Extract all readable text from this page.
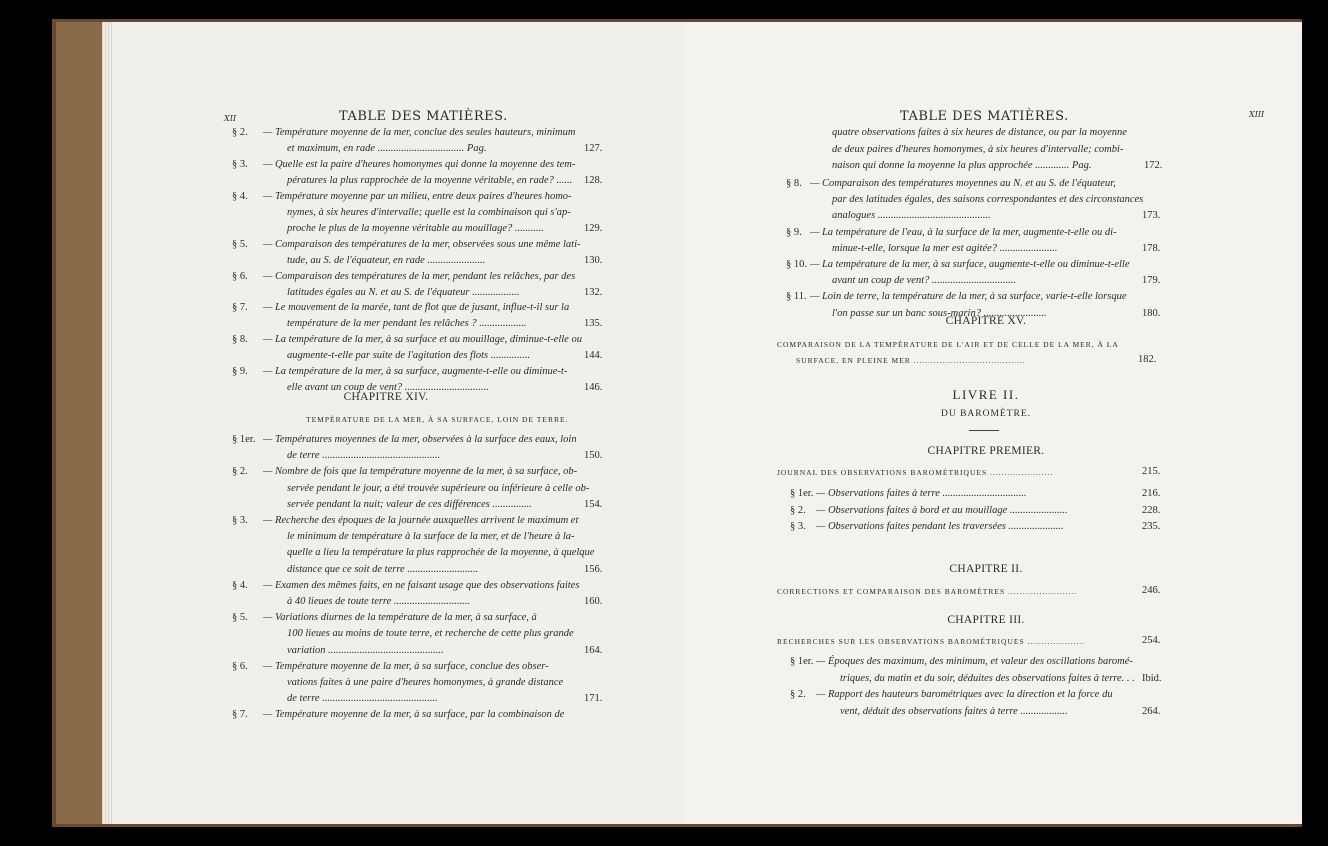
XII	TABLE DES MATIÈRES.
§ 2. — Température moyenne de la mer, conclue des seules hauteurs, minimum
et maximum, en rade ................................. Pag.	127.
§ 3. — Quelle est la paire d'heures homonymes qui donne la moyenne des tem-
pératures la plus rapprochée de la moyenne véritable, en rade? ...... 128.
§ 4. — Température moyenne par un milieu, entre deux paires d'heures homo-
nymes, à six heures d'intervalle; quelle est la combinaison qui s'ap-
proche le plus de la moyenne véritable au mouillage? ...........	129.
§ 5. — Comparaison des températures de la mer, observées sous une même lati-
tude, au S. de l'équateur, en rade ......................	130.
§ 6. — Comparaison des températures de la mer, pendant les relâches, par des
latitudes égales au N. et au S. de l'équateur ..................	132.
§ 7. — Le mouvement de la marée, tant de flot que de jusant, influe-t-il sur la
température de la mer pendant les relâches ? ..................	135.
§ 8. — La température de la mer, à sa surface et au mouillage, diminue-t-elle ou
augmente-t-elle par suite de l'agitation des flots ...............	144.
§ 9. — La température de la mer, à sa surface, augmente-t-elle ou diminue-t-
elle avant un coup de vent? ................................	146.
CHAPITRE XIV.
TEMPÉRATURE DE LA MER, À SA SURFACE, LOIN DE TERRE.
§ 1er. — Températures moyennes de la mer, observées à la surface des eaux, loin
de terre .............................................	150.
§ 2. — Nombre de fois que la température moyenne de la mer, à sa surface, ob-
servée pendant le jour, a été trouvée supérieure ou inférieure à celle ob-
servée pendant la nuit; valeur de ces différences ...............	154.
§ 3. — Recherche des époques de la journée auxquelles arrivent le maximum et
le minimum de température à la surface de la mer, et de l'heure à la-
quelle a lieu la température la plus rapprochée de la moyenne, à quelque
distance que ce soit de terre ...........................	156.
§ 4. — Examen des mêmes faits, en ne faisant usage que des observations faites
à 40 lieues de toute terre .............................	160.
§ 5. — Variations diurnes de la température de la mer, à sa surface, à
100 lieues au moins de toute terre, et recherche de cette plus grande
variation ............................................	164.
§ 6. — Température moyenne de la mer, à sa surface, conclue des obser-
vations faites à une paire d'heures homonymes, à grande distance
de terre ............................................	171.
§ 7. — Température moyenne de la mer, à sa surface, par la combinaison de
TABLE DES MATIÈRES.	XIII
quatre observations faites à six heures de distance, ou par la moyenne
de deux paires d'heures homonymes, à six heures d'intervalle; combi-
naison qui donne la moyenne la plus approchée ............. Pag.	172.
§ 8. — Comparaison des températures moyennes au N. et au S. de l'équateur,
par des latitudes égales, des saisons correspondantes et des circonstances
analogues ...........................................	173.
§ 9. — La température de l'eau, à la surface de la mer, augmente-t-elle ou di-
minue-t-elle, lorsque la mer est agitée? ......................	178.
§ 10. — La température de la mer, à sa surface, augmente-t-elle ou diminue-t-elle
avant un coup de vent? ................................	179.
§ 11. — Loin de terre, la température de la mer, à sa surface, varie-t-elle lorsque
l'on passe sur un banc sous-marin? ........................	180.
CHAPITRE XV.
COMPARAISON DE LA TEMPÉRATURE DE L'AIR ET DE CELLE DE LA MER, À LA
SURFACE, EN PLEINE MER .......................................	182.
LIVRE II.
DU BAROMÈTRE.
CHAPITRE PREMIER.
JOURNAL DES OBSERVATIONS BAROMÉTRIQUES ......................	215.
§ 1er. — Observations faites à terre ................................	216.
§ 2. — Observations faites à bord et au mouillage ......................	228.
§ 3. — Observations faites pendant les traversées .....................	235.
CHAPITRE II.
CORRECTIONS ET COMPARAISON DES BAROMÈTRES ........................	246.
CHAPITRE III.
RECHERCHES SUR LES OBSERVATIONS BAROMÉTRIQUES ....................	254.
§ 1er. — Époques des maximum, des minimum, et valeur des oscillations baromé-
triques, du matin et du soir, déduites des observations faites à terre. . . Ibid.
§ 2. — Rapport des hauteurs barométriques avec la direction et la force du
vent, déduit des observations faites à terre ..................	264.
